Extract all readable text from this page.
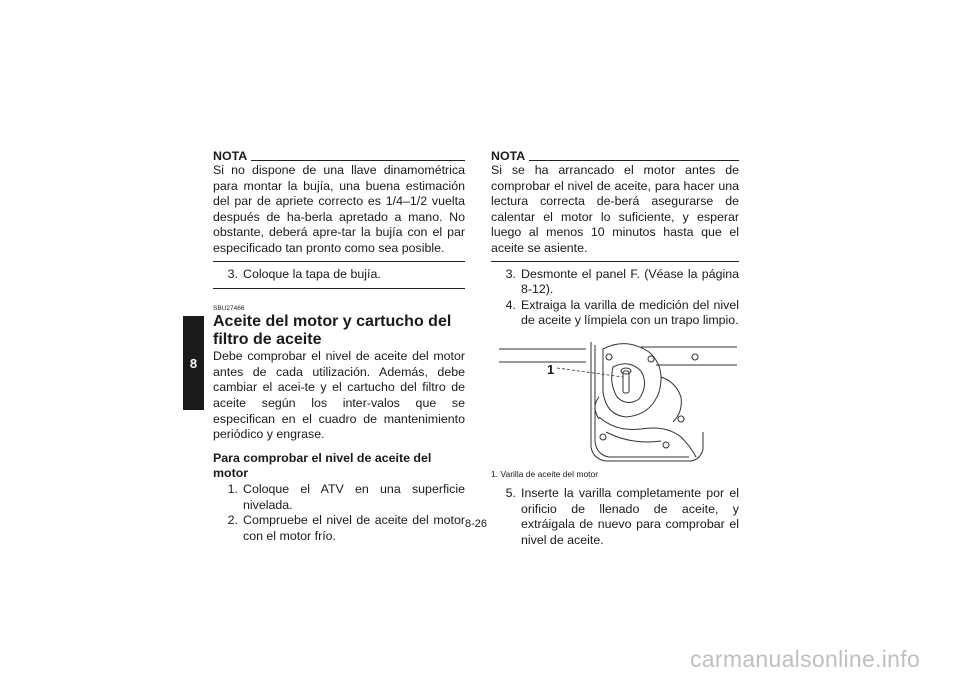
8
NOTA

Si no dispone de una llave dinamométrica para montar la bujía, una buena estimación del par de apriete correcto es 1/4–1/2 vuelta después de ha-berla apretado a mano. No obstante, deberá apre-tar la bujía con el par especificado tan pronto como sea posible.

3. Coloque la tapa de bujía.
SBU27466
Aceite del motor y cartucho del filtro de aceite

Debe comprobar el nivel de aceite del motor antes de cada utilización. Además, debe cambiar el acei-te y el cartucho del filtro de aceite según los inter-valos que se especifican en el cuadro de mantenimiento periódico y engrase.

Para comprobar el nivel de aceite del motor
1. Coloque el ATV en una superficie nivelada.
2. Compruebe el nivel de aceite del motor con el motor frío.
NOTA

Si se ha arrancado el motor antes de comprobar el nivel de aceite, para hacer una lectura correcta de-berá asegurarse de calentar el motor lo suficiente, y esperar luego al menos 10 minutos hasta que el aceite se asiente.

3. Desmonte el panel F. (Véase la página 8-12).
4. Extraiga la varilla de medición del nivel de aceite y límpiela con un trapo limpio.
1
1. Varilla de aceite del motor
5. Inserte la varilla completamente por el orificio de llenado de aceite, y extráigala de nuevo para comprobar el nivel de aceite.
8-26
carmanualsonline.info
